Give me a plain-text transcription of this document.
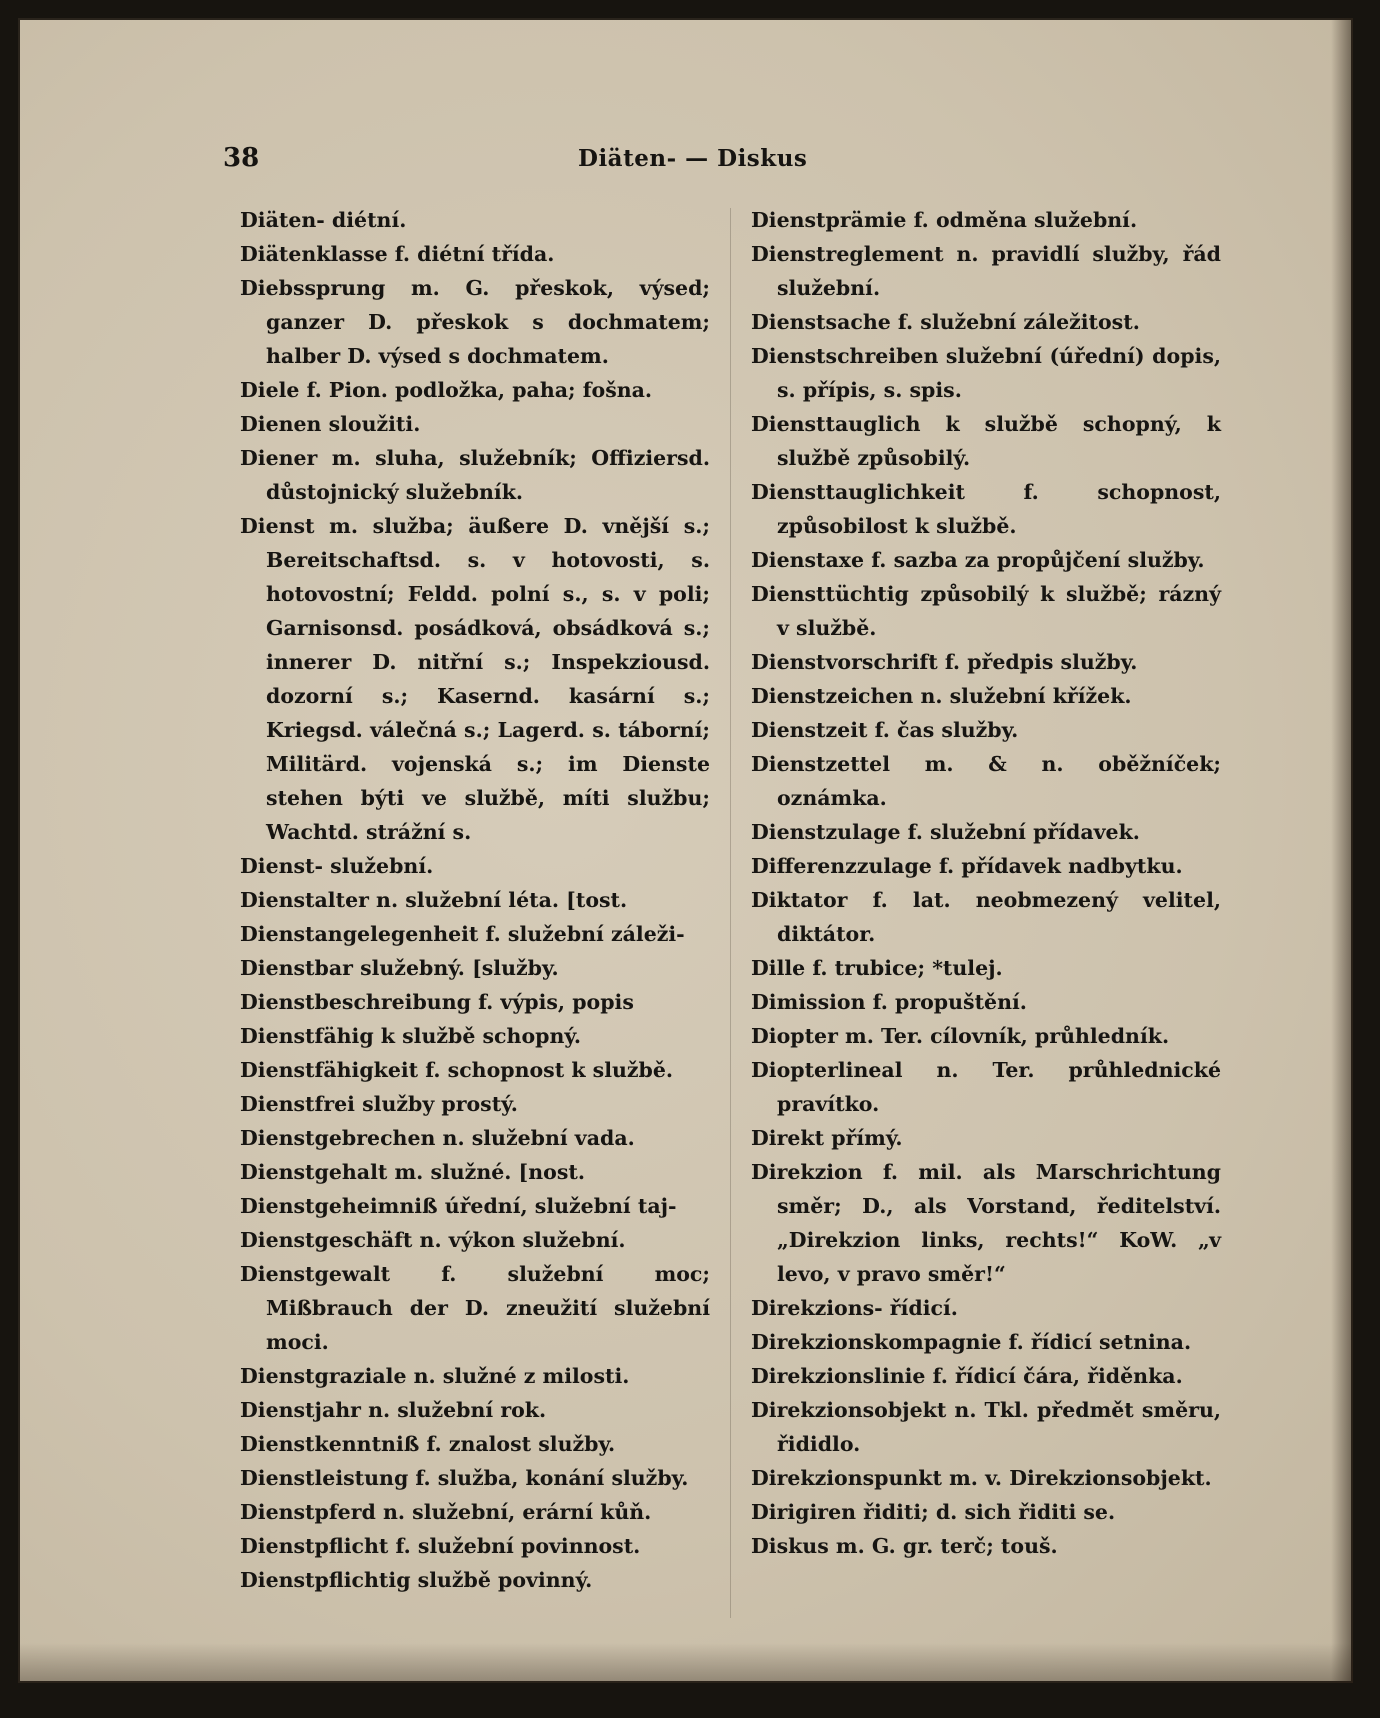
38	Diäten- — Diskus

Diäten- diétní.

Diätenklasse f. diétní třída.

Diebssprung m. G. přeskok, výsed; ganzer D. přeskok s dochmatem; halber D. výsed s dochmatem.

Diele f. Pion. podložka, paha; fošna.

Dienen sloužiti.

Diener m. sluha, služebník; Offiziersd. důstojnický služebník.

Dienst m. služba; äußere D. vnější s.; Bereitschaftsd. s. v hotovosti, s. hotovostní; Feldd. polní s., s. v poli; Garnisonsd. posádková, obsádková s.; innerer D. nitřní s.; Inspekziousd. dozorní s.; Kasernd. kasární s.; Kriegsd. válečná s.; Lagerd. s. táborní; Militärd. vojenská s.; im Dienste stehen býti ve službě, míti službu; Wachtd. strážní s.

Dienst- služební.

Dienstalter n. služební léta. [tost.

Dienstangelegenheit f. služební záleži-

Dienstbar služebný. [služby.

Dienstbeschreibung f. výpis, popis

Dienstfähig k službě schopný.

Dienstfähigkeit f. schopnost k službě.

Dienstfrei služby prostý.

Dienstgebrechen n. služební vada.

Dienstgehalt m. služné. [nost.

Dienstgeheimniß úřední, služební taj-

Dienstgeschäft n. výkon služební.

Dienstgewalt f. služební moc; Mißbrauch der D. zneužití služební moci.

Dienstgraziale n. služné z milosti.

Dienstjahr n. služební rok.

Dienstkenntniß f. znalost služby.

Dienstleistung f. služba, konání služby.

Dienstpferd n. služební, erární kůň.

Dienstpflicht f. služební povinnost.

Dienstpflichtig službě povinný.

Dienstprämie f. odměna služební.

Dienstreglement n. pravidlí služby, řád služební.

Dienstsache f. služební záležitost.

Dienstschreiben služební (úřední) dopis, s. přípis, s. spis.

Diensttauglich k službě schopný, k službě způsobilý.

Diensttauglichkeit f. schopnost, způsobilost k službě.

Dienstaxe f. sazba za propůjčení služby.

Diensttüchtig způsobilý k službě; rázný v službě.

Dienstvorschrift f. předpis služby.

Dienstzeichen n. služební křížek.

Dienstzeit f. čas služby.

Dienstzettel m. & n. oběžníček; oznámka.

Dienstzulage f. služební přídavek.

Differenzzulage f. přídavek nadbytku.

Diktator f. lat. neobmezený velitel, diktátor.

Dille f. trubice; *tulej.

Dimission f. propuštění.

Diopter m. Ter. cílovník, průhledník.

Diopterlineal n. Ter. průhlednické pravítko.

Direkt přímý.

Direkzion f. mil. als Marschrichtung směr; D., als Vorstand, ředitelství. „Direkzion links, rechts!“ KoW. „v levo, v pravo směr!“

Direkzions- řídicí.

Direkzionskompagnie f. řídicí setnina.

Direkzionslinie f. řídicí čára, řiděnka.

Direkzionsobjekt n. Tkl. předmět směru, řididlo.

Direkzionspunkt m. v. Direkzionsobjekt.

Dirigiren řiditi; d. sich řiditi se.

Diskus m. G. gr. terč; touš.
